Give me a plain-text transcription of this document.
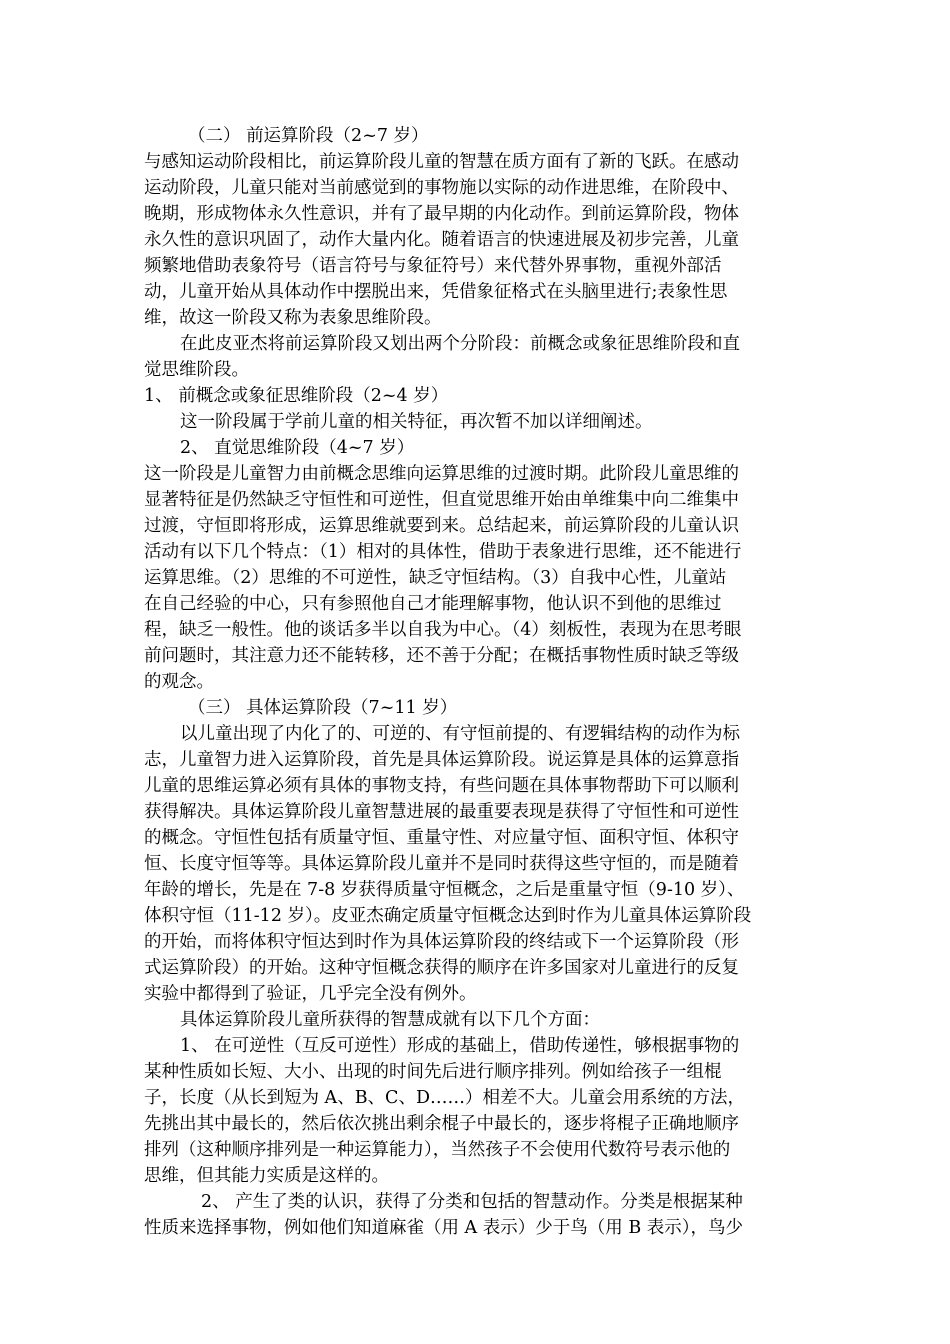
（二） 前运算阶段（2~7 岁）
与感知运动阶段相比，前运算阶段儿童的智慧在质方面有了新的飞跃。在感动
运动阶段，儿童只能对当前感觉到的事物施以实际的动作进思维，在阶段中、
晚期，形成物体永久性意识，并有了最早期的内化动作。到前运算阶段，物体
永久性的意识巩固了，动作大量内化。随着语言的快速进展及初步完善，儿童
频繁地借助表象符号（语言符号与象征符号）来代替外界事物，重视外部活
动，儿童开始从具体动作中摆脱出来，凭借象征格式在头脑里进行;表象性思
维，故这一阶段又称为表象思维阶段。
在此皮亚杰将前运算阶段又划出两个分阶段：前概念或象征思维阶段和直
觉思维阶段。
1、 前概念或象征思维阶段（2~4 岁）
这一阶段属于学前儿童的相关特征，再次暂不加以详细阐述。
2、 直觉思维阶段（4~7 岁）
这一阶段是儿童智力由前概念思维向运算思维的过渡时期。此阶段儿童思维的
显著特征是仍然缺乏守恒性和可逆性，但直觉思维开始由单维集中向二维集中
过渡，守恒即将形成，运算思维就要到来。总结起来，前运算阶段的儿童认识
活动有以下几个特点：（1）相对的具体性，借助于表象进行思维，还不能进行
运算思维。（2）思维的不可逆性，缺乏守恒结构。（3）自我中心性，儿童站
在自己经验的中心，只有参照他自己才能理解事物，他认识不到他的思维过
程，缺乏一般性。他的谈话多半以自我为中心。（4）刻板性，表现为在思考眼
前问题时，其注意力还不能转移，还不善于分配；在概括事物性质时缺乏等级
的观念。
（三） 具体运算阶段（7~11 岁）
以儿童出现了内化了的、可逆的、有守恒前提的、有逻辑结构的动作为标
志，儿童智力进入运算阶段，首先是具体运算阶段。说运算是具体的运算意指
儿童的思维运算必须有具体的事物支持，有些问题在具体事物帮助下可以顺利
获得解决。具体运算阶段儿童智慧进展的最重要表现是获得了守恒性和可逆性
的概念。守恒性包括有质量守恒、重量守性、对应量守恒、面积守恒、体积守
恒、长度守恒等等。具体运算阶段儿童并不是同时获得这些守恒的，而是随着
年龄的增长，先是在 7-8 岁获得质量守恒概念，之后是重量守恒（9-10 岁）、
体积守恒（11-12 岁）。皮亚杰确定质量守恒概念达到时作为儿童具体运算阶段
的开始，而将体积守恒达到时作为具体运算阶段的终结或下一个运算阶段（形
式运算阶段）的开始。这种守恒概念获得的顺序在许多国家对儿童进行的反复
实验中都得到了验证，几乎完全没有例外。
具体运算阶段儿童所获得的智慧成就有以下几个方面：
1、 在可逆性（互反可逆性）形成的基础上，借助传递性，够根据事物的
某种性质如长短、大小、出现的时间先后进行顺序排列。例如给孩子一组棍
子，长度（从长到短为 A、B、C、D……）相差不大。儿童会用系统的方法，
先挑出其中最长的，然后依次挑出剩余棍子中最长的，逐步将棍子正确地顺序
排列（这种顺序排列是一种运算能力），当然孩子不会使用代数符号表示他的
思维，但其能力实质是这样的。
2、 产生了类的认识，获得了分类和包括的智慧动作。分类是根据某种
性质来选择事物，例如他们知道麻雀（用 A 表示）少于鸟（用 B 表示），鸟少
